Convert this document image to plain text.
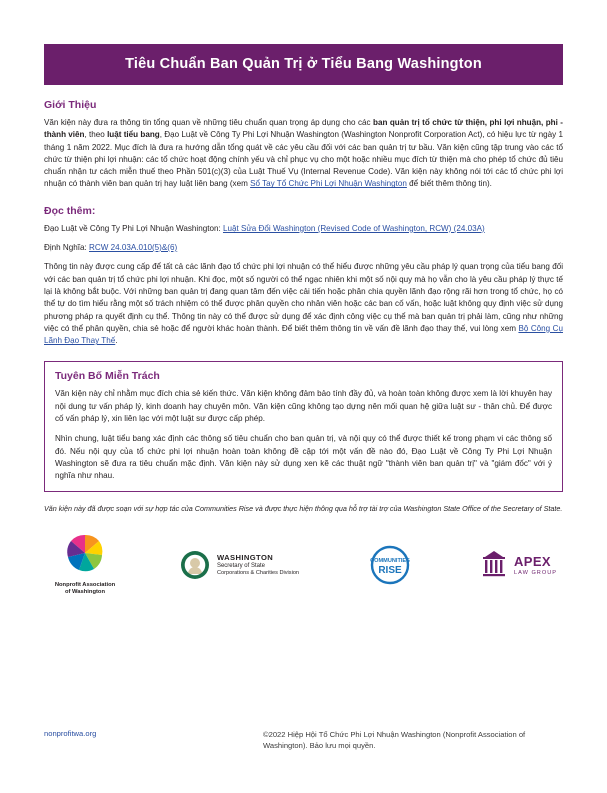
Tiêu Chuẩn Ban Quản Trị ở Tiểu Bang Washington
Giới Thiệu

Văn kiện này đưa ra thông tin tổng quan về những tiêu chuẩn quan trọng áp dụng cho các ban quản trị tổ chức từ thiện, phi lợi nhuận, phi -thành viên, theo luật tiểu bang, Đạo Luật về Công Ty Phi Lợi Nhuận Washington (Washington Nonprofit Corporation Act), có hiệu lực từ ngày 1 tháng 1 năm 2022. Mục đích là đưa ra hướng dẫn tổng quát về các yêu cầu đối với các ban quản trị tư bầu. Văn kiện cũng tập trung vào các tổ chức từ thiện phi lợi nhuận: các tổ chức hoạt động chính yếu và chỉ phục vụ cho một hoặc nhiều mục đích từ thiện mà cho phép tổ chức đủ tiêu chuẩn nhận tư cách miễn thuế theo Phần 501(c)(3) của Luật Thuế Vụ (Internal Revenue Code). Văn kiện này không nói tới các tổ chức phi lợi nhuận có thành viên ban quản trị hay luật liên bang (xem Sổ Tay Tổ Chức Phi Lợi Nhuận Washington để biết thêm thông tin).

Đọc thêm:

Đạo Luật về Công Ty Phi Lợi Nhuận Washington: Luật Sửa Đổi Washington (Revised Code of Washington, RCW) (24.03A)

Định Nghĩa: RCW 24.03A.010(5)&(6)

Thông tin này được cung cấp để tất cả các lãnh đạo tổ chức phi lợi nhuận có thể hiểu được những yêu cầu pháp lý quan trọng của tiểu bang đối với các ban quản trị tổ chức phi lợi nhuận. Khi đọc, một số người có thể ngạc nhiên khi một số nội quy mà họ vẫn cho là yêu cầu pháp lý thực tế lại là không bắt buộc. Với những ban quản trị đang quan tâm đến việc cải tiến hoặc phân chia quyền lãnh đạo rộng rãi hơn trong tổ chức, họ có thể tự do tìm hiểu rằng một số trách nhiệm có thể được phân quyền cho nhân viên hoặc các ban cố vấn, hoặc luật không quy định việc sử dụng phương pháp ra quyết định cụ thể. Thông tin này có thể được sử dụng để xác định công việc cụ thể mà ban quản trị phải làm, cũng như những việc có thể phân quyền, chia sẻ hoặc để người khác hoàn thành. Để biết thêm thông tin về vấn đề lãnh đạo thay thế, vui lòng xem Bộ Công Cụ Lãnh Đạo Thay Thế.

Tuyên Bố Miễn Trách

Văn kiện này chỉ nhằm mục đích chia sẻ kiến thức. Văn kiện không đảm bảo tính đầy đủ, và hoàn toàn không được xem là lời khuyên hay nội dung tư vấn pháp lý, kinh doanh hay chuyên môn. Văn kiện cũng không tạo dựng nên mối quan hệ giữa luật sư - thân chủ. Để được cố vấn pháp lý, xin liên lạc với một luật sư được cấp phép.

Nhìn chung, luật tiểu bang xác định các thông số tiêu chuẩn cho ban quản trị, và nội quy có thể được thiết kế trong phạm vi các thông số đó. Nếu nội quy của tổ chức phi lợi nhuận hoàn toàn không đề cập tới một vấn đề nào đó, Đạo Luật về Công Ty Phi Lợi Nhuận Washington sẽ đưa ra tiêu chuẩn mặc định. Văn kiện này sử dụng xen kẽ các thuật ngữ "thành viên ban quản trị" và "giám đốc" với ý nghĩa như nhau.

Văn kiện này đã được soạn với sự hợp tác của Communities Rise và được thực hiện thông qua hỗ trợ tài trợ của Washington State Office of the Secretary of State.
Nonprofit Association
of Washington
WASHINGTON
Secretary of State
Corporations & Charities Division
COMMUNITIES
RISE
APEX
LAW GROUP
nonprofitwa.org	©2022 Hiệp Hội Tổ Chức Phi Lợi Nhuận Washington (Nonprofit Association of Washington). Bảo lưu mọi quyền.
